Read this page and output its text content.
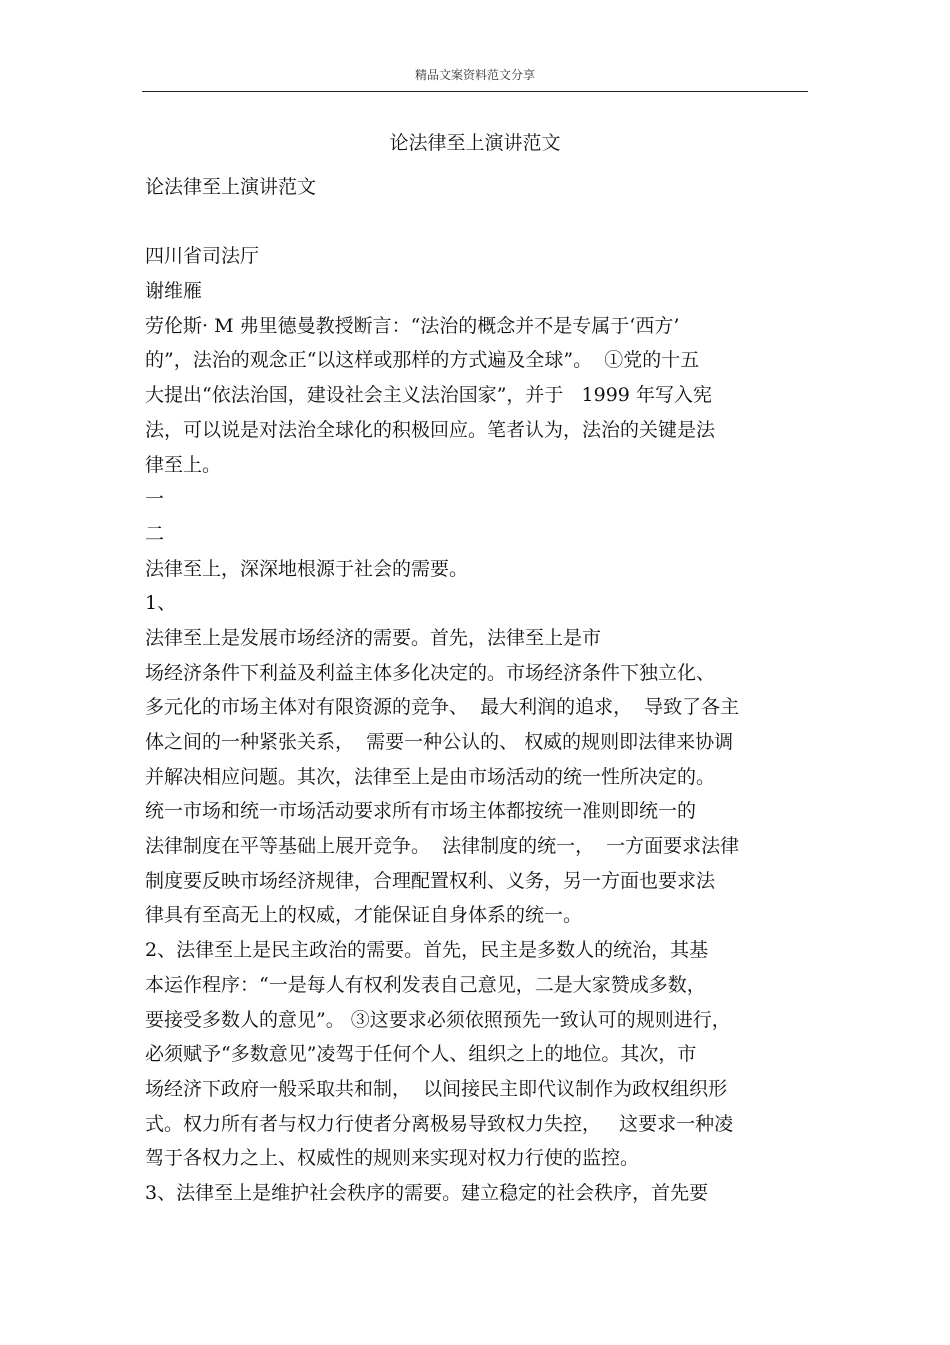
精品文案资料范文分享
论法律至上演讲范文
论法律至上演讲范文
四川省司法厅
谢维雁
劳伦斯· M 弗里德曼教授断言：“法治的概念并不是专属于‘西方’
的”，法治的观念正“以这样或那样的方式遍及全球”。  ①党的十五
大提出“依法治国，建设社会主义法治国家”，并于   1999 年写入宪
法，可以说是对法治全球化的积极回应。笔者认为，法治的关键是法
律至上。
一
二
法律至上，深深地根源于社会的需要。
1、
法律至上是发展市场经济的需要。首先，法律至上是市
场经济条件下利益及利益主体多化决定的。市场经济条件下独立化、
多元化的市场主体对有限资源的竞争、  最大利润的追求，  导致了各主
体之间的一种紧张关系，  需要一种公认的、 权威的规则即法律来协调
并解决相应问题。其次，法律至上是由市场活动的统一性所决定的。
统一市场和统一市场活动要求所有市场主体都按统一准则即统一的
法律制度在平等基础上展开竞争。  法律制度的统一，  一方面要求法律
制度要反映市场经济规律，合理配置权利、义务，另一方面也要求法
律具有至高无上的权威，才能保证自身体系的统一。
2、法律至上是民主政治的需要。首先，民主是多数人的统治，其基
本运作程序：“一是每人有权利发表自己意见，二是大家赞成多数，
要接受多数人的意见”。 ③这要求必须依照预先一致认可的规则进行，
必须赋予“多数意见”凌驾于任何个人、组织之上的地位。其次，市
场经济下政府一般采取共和制，  以间接民主即代议制作为政权组织形
式。权力所有者与权力行使者分离极易导致权力失控，   这要求一种凌
驾于各权力之上、权威性的规则来实现对权力行使的监控。
3、法律至上是维护社会秩序的需要。建立稳定的社会秩序，首先要
